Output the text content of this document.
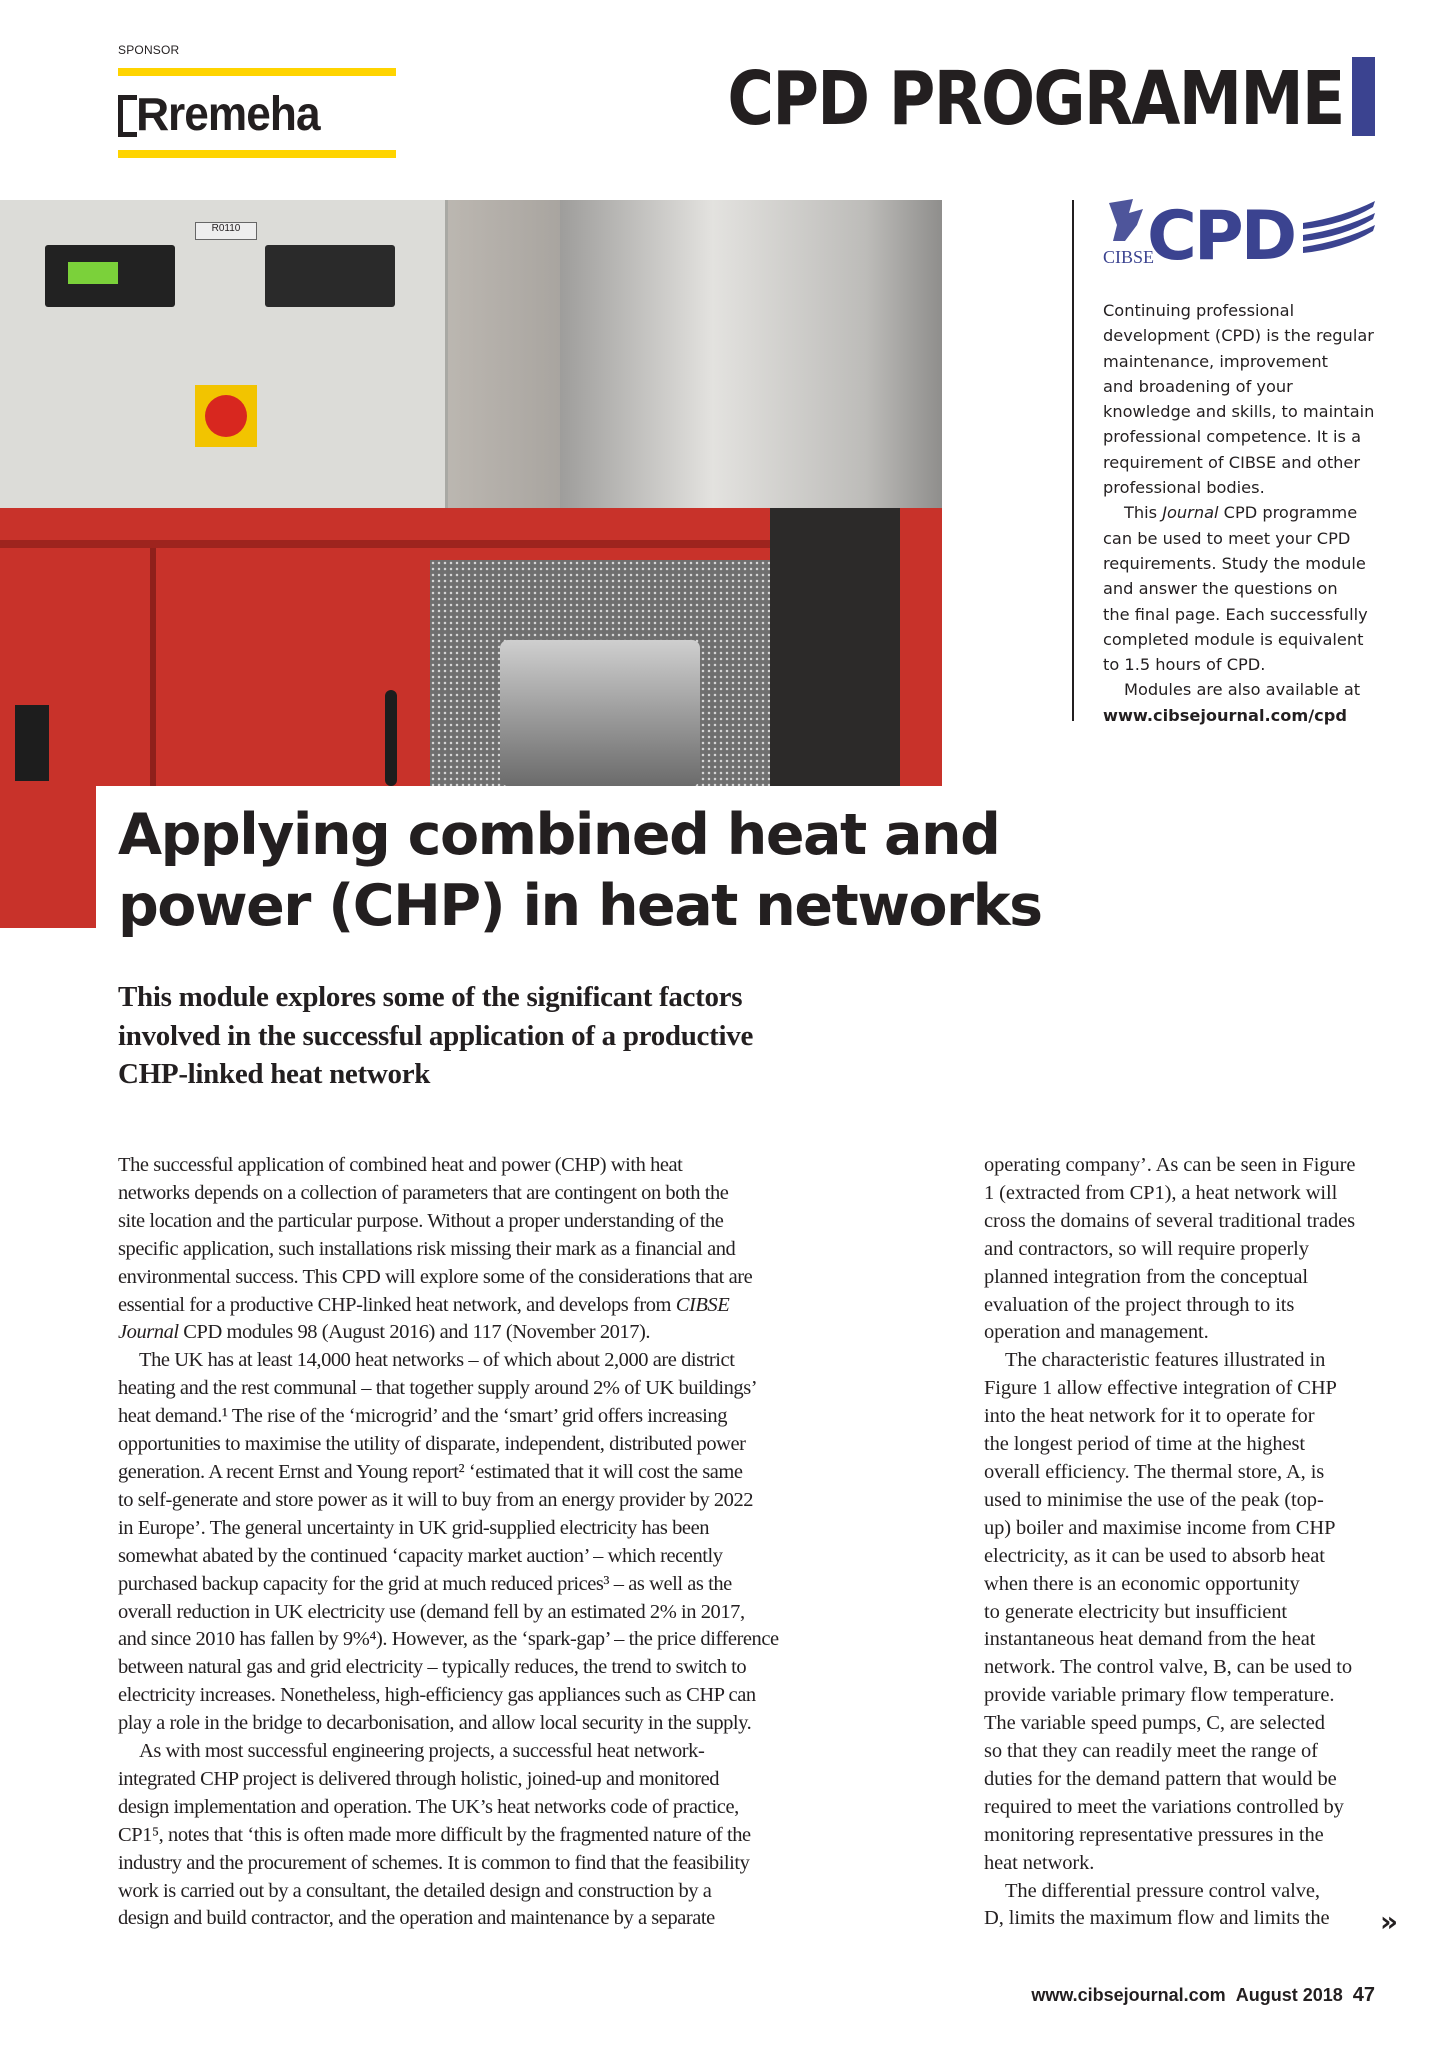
SPONSOR
R
remeha	CPD PROGRAMME
R0110
CIBSE
CPD
Continuing professional
development (CPD) is the regular
maintenance, improvement
and broadening of your
knowledge and skills, to maintain
professional competence. It is a
requirement of CIBSE and other
professional bodies.
This Journal CPD programme
can be used to meet your CPD
requirements. Study the module
and answer the questions on
the final page. Each successfully
completed module is equivalent
to 1.5 hours of CPD.
Modules are also available at
www.cibsejournal.com/cpd
Applying combined heat and
power (CHP) in heat networks
This module explores some of the significant factors
involved in the successful application of a productive
CHP-linked heat network
The successful application of combined heat and power (CHP) with heat
networks depends on a collection of parameters that are contingent on both the
site location and the particular purpose. Without a proper understanding of the
specific application, such installations risk missing their mark as a financial and
environmental success. This CPD will explore some of the considerations that are
essential for a productive CHP-linked heat network, and develops from CIBSE
Journal CPD modules 98 (August 2016) and 117 (November 2017).
The UK has at least 14,000 heat networks – of which about 2,000 are district
heating and the rest communal – that together supply around 2% of UK buildings’
heat demand.¹ The rise of the ‘microgrid’ and the ‘smart’ grid offers increasing
opportunities to maximise the utility of disparate, independent, distributed power
generation. A recent Ernst and Young report² ‘estimated that it will cost the same
to self-generate and store power as it will to buy from an energy provider by 2022
in Europe’. The general uncertainty in UK grid-supplied electricity has been
somewhat abated by the continued ‘capacity market auction’ – which recently
purchased backup capacity for the grid at much reduced prices³ – as well as the
overall reduction in UK electricity use (demand fell by an estimated 2% in 2017,
and since 2010 has fallen by 9%⁴). However, as the ‘spark-gap’ – the price difference
between natural gas and grid electricity – typically reduces, the trend to switch to
electricity increases. Nonetheless, high-efficiency gas appliances such as CHP can
play a role in the bridge to decarbonisation, and allow local security in the supply.
As with most successful engineering projects, a successful heat network-
integrated CHP project is delivered through holistic, joined-up and monitored
design implementation and operation. The UK’s heat networks code of practice,
CP1⁵, notes that ‘this is often made more difficult by the fragmented nature of the
industry and the procurement of schemes. It is common to find that the feasibility
work is carried out by a consultant, the detailed design and construction by a
design and build contractor, and the operation and maintenance by a separate
operating company’. As can be seen in Figure
1 (extracted from CP1), a heat network will
cross the domains of several traditional trades
and contractors, so will require properly
planned integration from the conceptual
evaluation of the project through to its
operation and management.
The characteristic features illustrated in
Figure 1 allow effective integration of CHP
into the heat network for it to operate for
the longest period of time at the highest
overall efficiency. The thermal store, A, is
used to minimise the use of the peak (top-
up) boiler and maximise income from CHP
electricity, as it can be used to absorb heat
when there is an economic opportunity
to generate electricity but insufficient
instantaneous heat demand from the heat
network. The control valve, B, can be used to
provide variable primary flow temperature.
The variable speed pumps, C, are selected
so that they can readily meet the range of
duties for the demand pattern that would be
required to meet the variations controlled by
monitoring representative pressures in the
heat network.
The differential pressure control valve,
D, limits the maximum flow and limits the	»
www.cibsejournal.com August 2018 47
